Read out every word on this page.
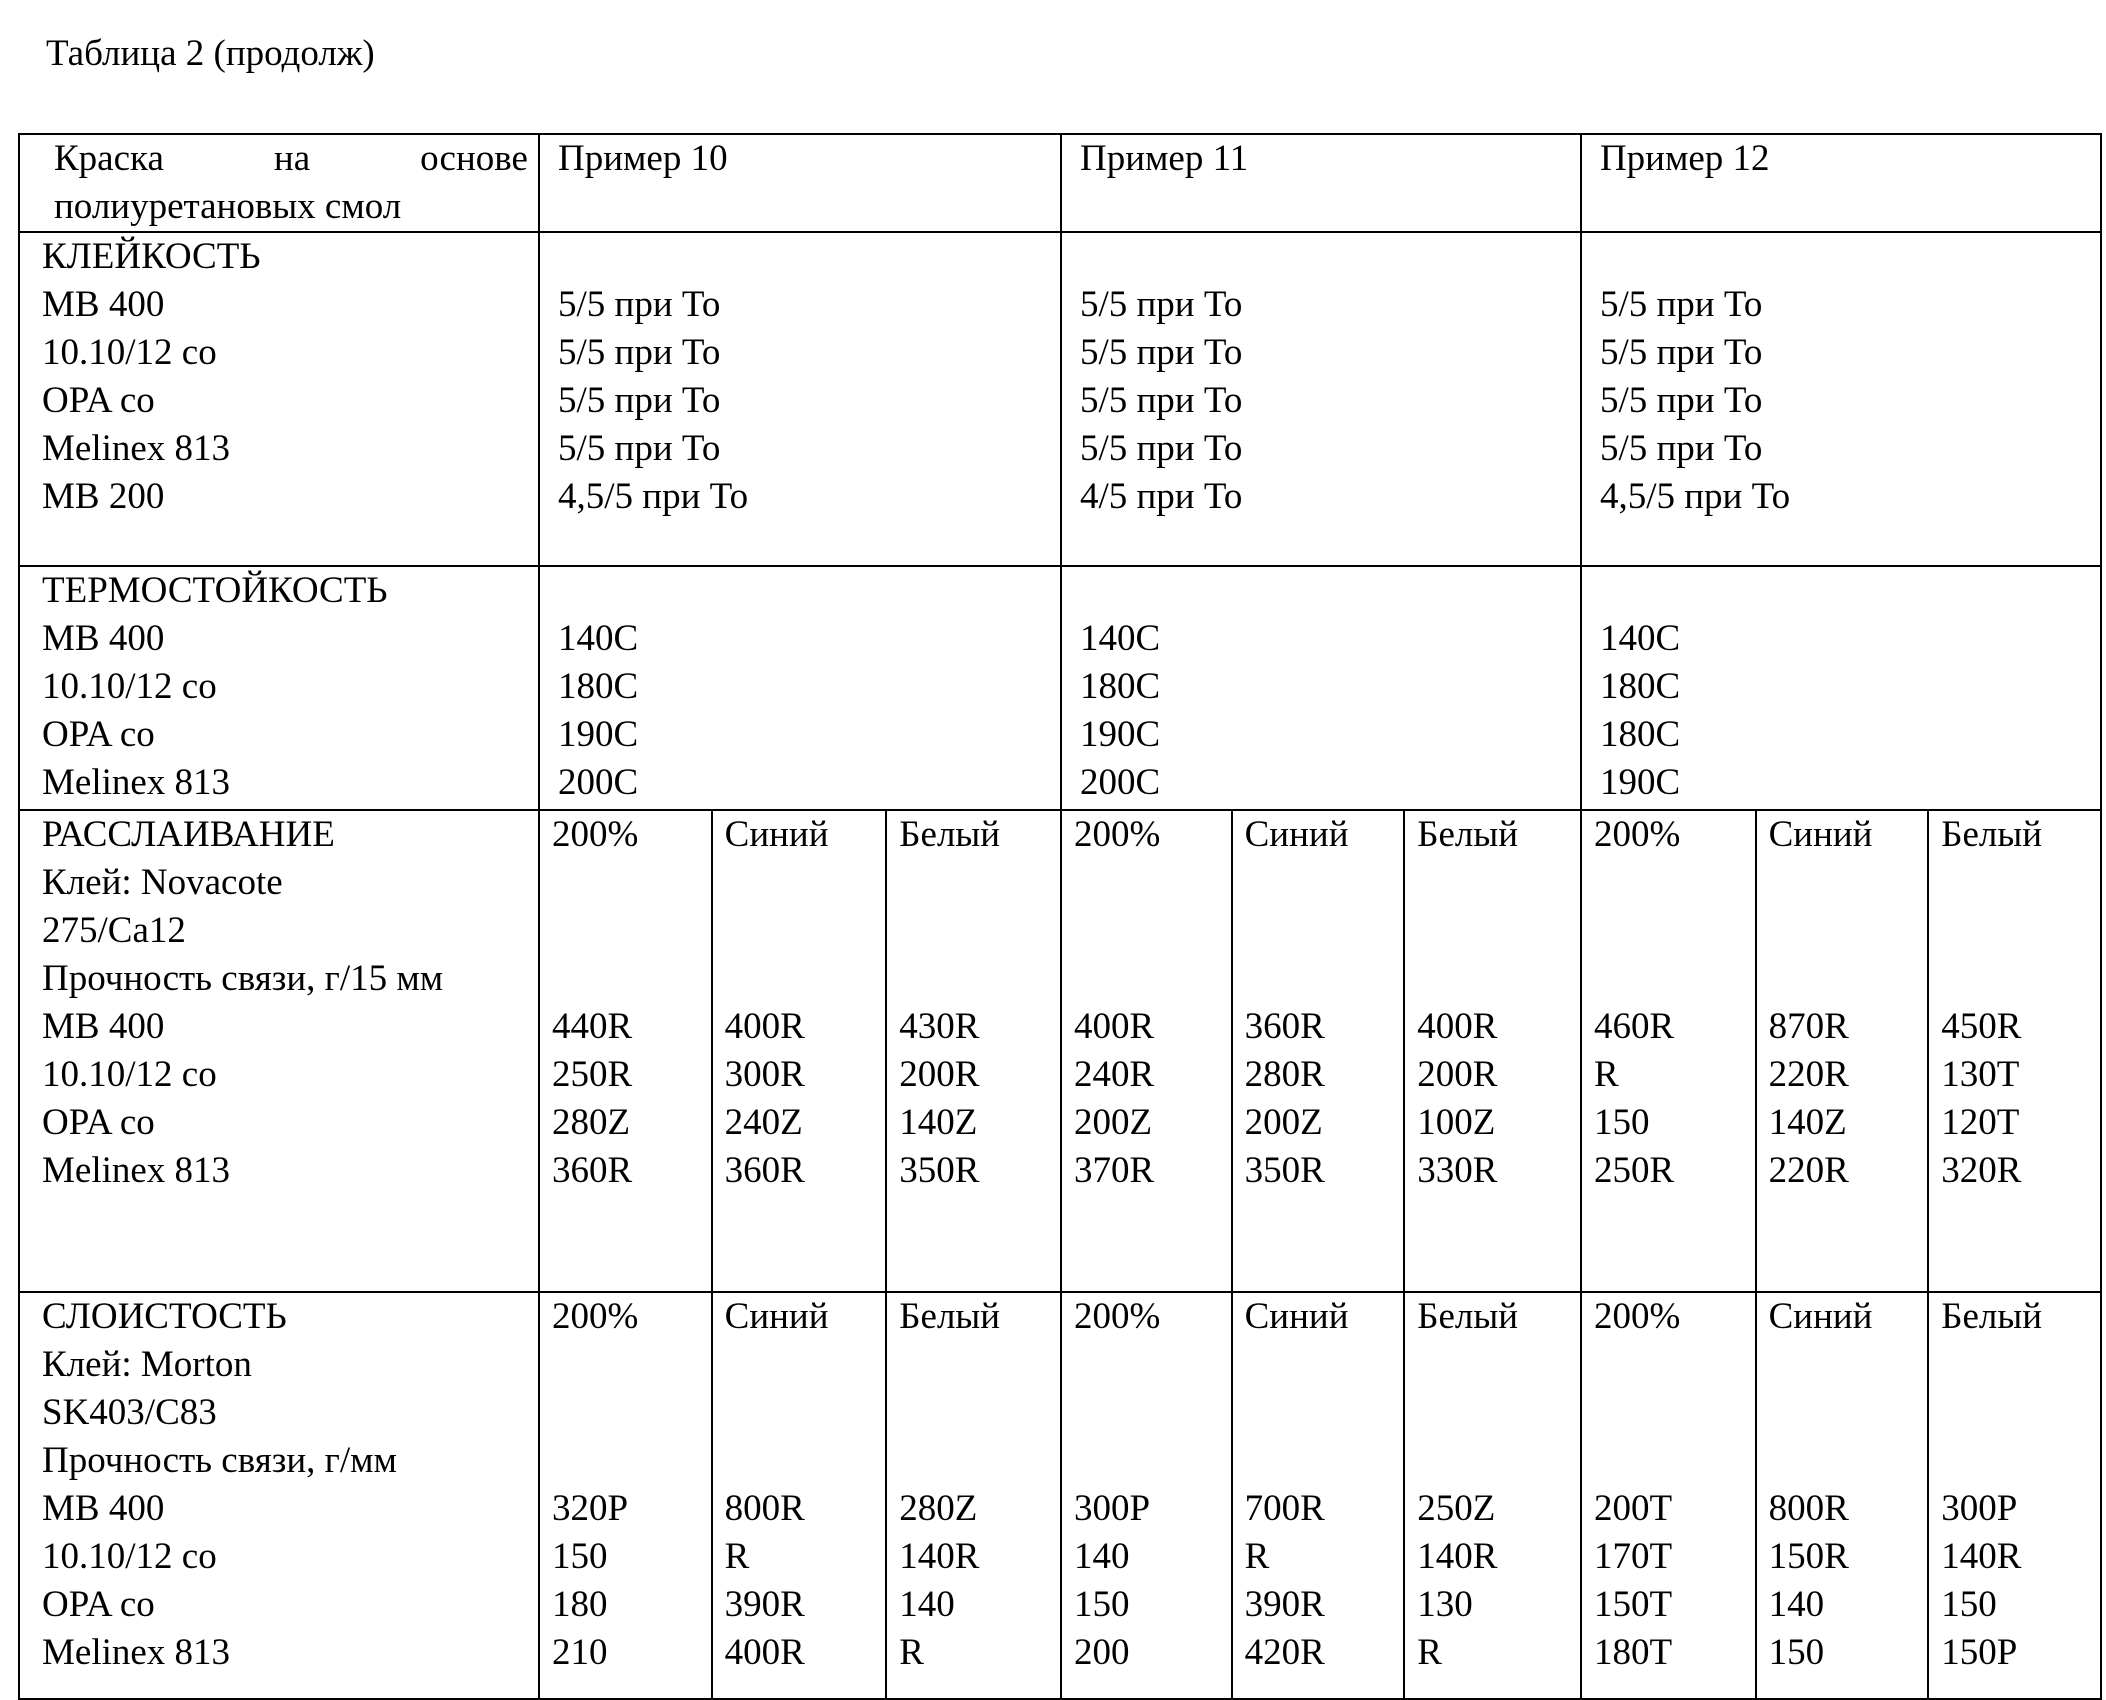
Таблица 2 (продолж)
Краска	на	основе
полиуретановых смол

Пример 10	Пример 11	Пример 12

КЛЕЙКОСТЬ
MB 400
10.10/12 co
OPA co
Melinex 813
MB 200

5/5 при To
5/5 при To
5/5 при To
5/5 при To
4,5/5 при To

5/5 при To
5/5 при To
5/5 при To
5/5 при To
4/5 при To

5/5 при To
5/5 при To
5/5 при To
5/5 при To
4,5/5 при To

ТЕРМОСТОЙКОСТЬ
MB 400
10.10/12 co
OPA co
Melinex 813

140C
180C
190C
200C

140C
180C
190C
200C

140C
180C
180C
190C

РАССЛАИВАНИЕ
Клей: Novacote
275/Ca12
Прочность связи, г/15 мм
MB 400
10.10/12 co
OPA co
Melinex 813

200%
440R
250R
280Z
360R

Синий
400R
300R
240Z
360R

Белый
430R
200R
140Z
350R

200%
400R
240R
200Z
370R

Синий
360R
280R
200Z
350R

Белый
400R
200R
100Z
330R

200%
460R
R
150
250R

Синий
870R
220R
140Z
220R

Белый
450R
130T
120T
320R

СЛОИСТОСТЬ
Клей: Morton
SK403/C83
Прочность связи, г/мм
MB 400
10.10/12 co
OPA co
Melinex 813

200%
320P
150
180
210

Синий
800R
R
390R
400R

Белый
280Z
140R
140
R

200%
300P
140
150
200

Синий
700R
R
390R
420R

Белый
250Z
140R
130
R

200%
200T
170T
150T
180T

Синий
800R
150R
140
150

Белый
300P
140R
150
150P
